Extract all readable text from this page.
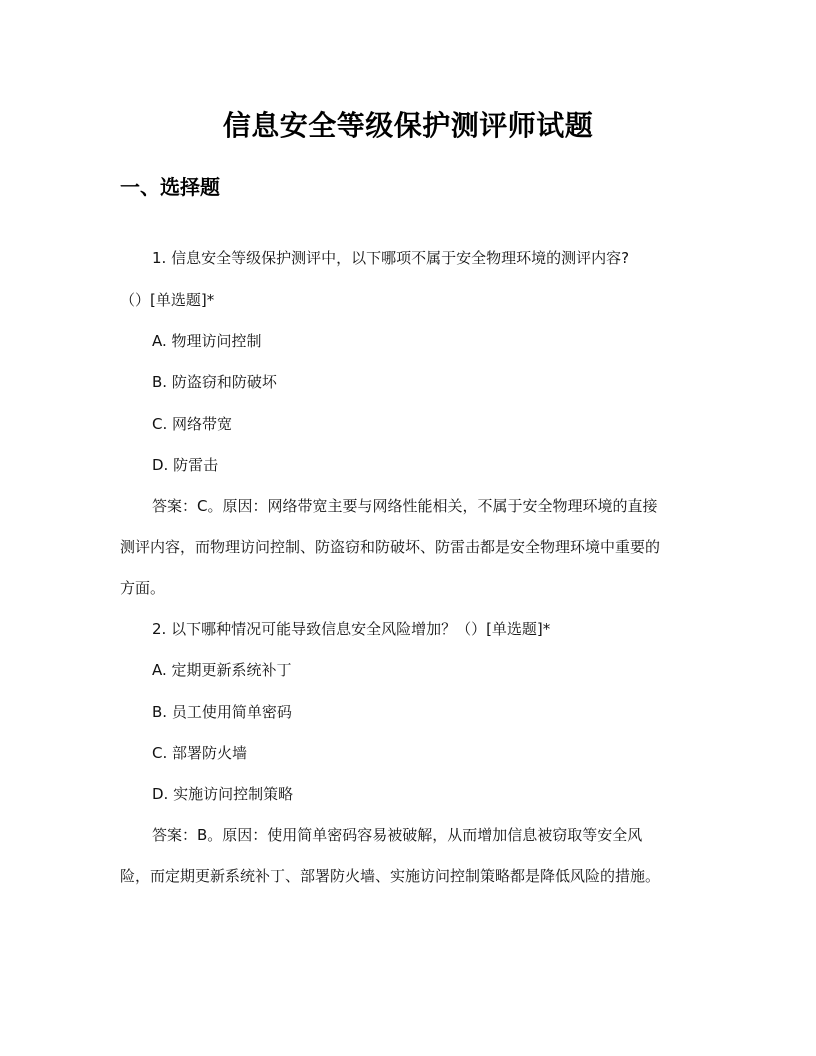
信息安全等级保护测评师试题
一、选择题
1. 信息安全等级保护测评中，以下哪项不属于安全物理环境的测评内容?
（）[单选题]*
A. 物理访问控制
B. 防盗窃和防破坏
C. 网络带宽
D. 防雷击
答案：C。原因：网络带宽主要与网络性能相关，不属于安全物理环境的直接
测评内容，而物理访问控制、防盗窃和防破坏、防雷击都是安全物理环境中重要的
方面。
2. 以下哪种情况可能导致信息安全风险增加？（）[单选题]*
A. 定期更新系统补丁
B. 员工使用简单密码
C. 部署防火墙
D. 实施访问控制策略
答案：B。原因：使用简单密码容易被破解，从而增加信息被窃取等安全风
险，而定期更新系统补丁、部署防火墙、实施访问控制策略都是降低风险的措施。
